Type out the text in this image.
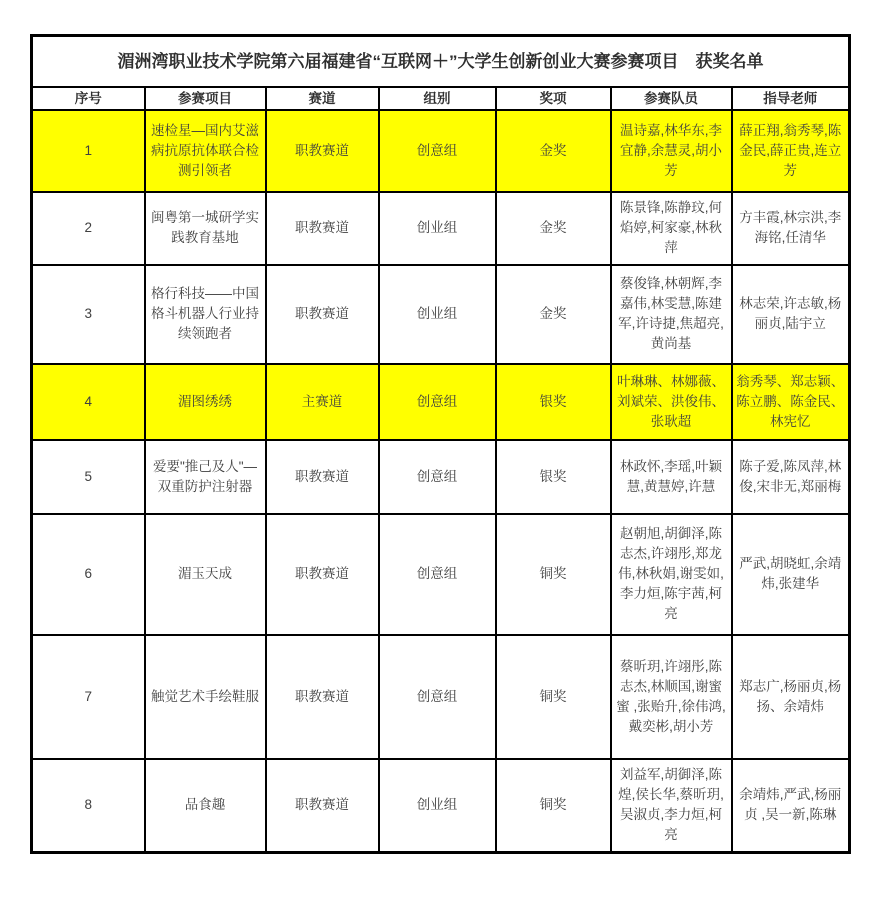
湄洲湾职业技术学院第六届福建省“互联网＋”大学生创新创业大赛参赛项目　获奖名单						
序号	参赛项目	赛道	组别	奖项	参赛队员	指导老师
1	速检星—国内艾滋病抗原抗体联合检测引领者	职教赛道	创意组	金奖	温诗嘉,林华东,李宜静,余慧灵,胡小芳	薛正翔,翁秀琴,陈金民,薛正贵,连立芳
2	闽粤第一城研学实践教育基地	职教赛道	创业组	金奖	陈景锋,陈静玟,何焰婷,柯家豪,林秋萍	方丰霞,林宗洪,李海铭,任清华
3	格行科技——中国格斗机器人行业持续领跑者	职教赛道	创业组	金奖	蔡俊锋,林朝辉,李嘉伟,林雯慧,陈建军,许诗捷,焦超亮,黄尚基	林志荣,许志敏,杨丽贞,陆宇立
4	湄图绣绣	主赛道	创意组	银奖	叶琳琳、林娜薇、刘斌荣、洪俊伟、张耿超	翁秀琴、郑志颖、陈立鹏、陈金民、林宪忆
5	爱要"推己及人"—双重防护注射器	职教赛道	创意组	银奖	林政怀,李瑶,叶颖慧,黄慧婷,许慧	陈子爱,陈凤萍,林俊,宋非无,郑丽梅
6	湄玉天成	职教赛道	创意组	铜奖	赵朝旭,胡御泽,陈志杰,许翊彤,郑龙伟,林秋娟,谢雯如,李力烜,陈宇茜,柯亮	严武,胡晓虹,余靖炜,张建华
7	触觉艺术手绘鞋服	职教赛道	创意组	铜奖	蔡昕玥,许翊彤,陈志杰,林顺国,谢蜜蜜 ,张贻升,徐伟鸿,戴奕彬,胡小芳	郑志广,杨丽贞,杨扬、余靖炜
8	品食趣	职教赛道	创业组	铜奖	刘益军,胡御泽,陈煌,侯长华,蔡昕玥,吴淑贞,李力烜,柯亮	余靖炜,严武,杨丽贞 ,吴一新,陈琳
